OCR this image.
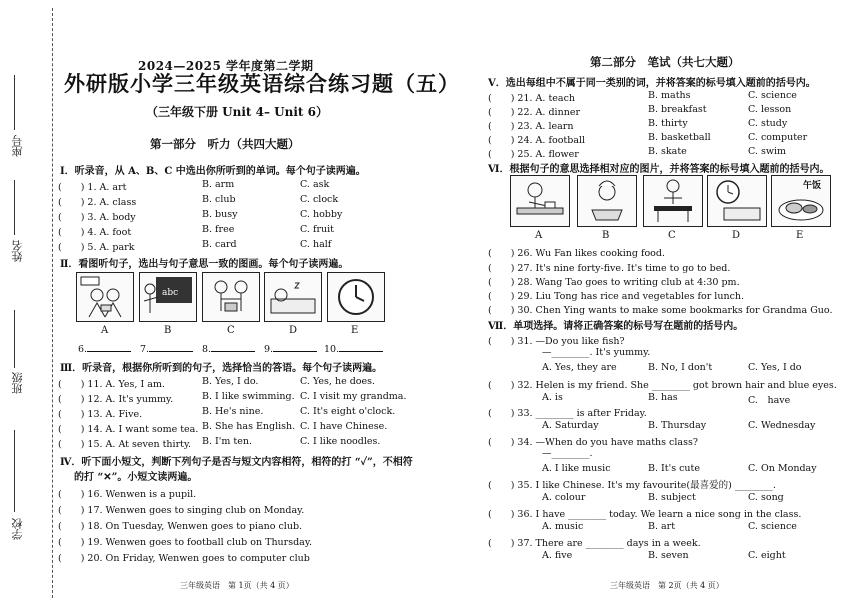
座号
姓名
班级
学校
2024—2025 学年度第二学期
外研版小学三年级英语综合练习题（五）
（三年级下册 Unit 4– Unit 6）
第一部分　听力（共四大题）
Ⅰ．听录音，从 A、B、C 中选出你所听到的单词。每个句子读两遍。
(　　) 1. A. art	B. arm	C. ask
(　　) 2. A. class	B. club	C. clock
(　　) 3. A. body	B. busy	C. hobby
(　　) 4. A. foot	B. free	C. fruit
(　　) 5. A. park	B. card	C. half
Ⅱ．看图听句子，选出与句子意思一致的图画。每个句子读两遍。
abc
A	B	C	D	E
6.	7.	8.	9.	10.
Ⅲ．听录音，根据你所听到的句子，选择恰当的答语。每个句子读两遍。
(　　) 11. A. Yes, I am.	B. Yes, I do.	C. Yes, he does.
(　　) 12. A. It's yummy.	B. I like swimming. C. I visit my grandma.
(　　) 13. A. Five.	B. He's nine.	C. It's eight o'clock.
(　　) 14. A. I want some tea. B. She has English. C. I have Chinese.
(　　) 15. A. At seven thirty. B. I'm ten.	C. I like noodles.
Ⅳ．听下面小短文，判断下列句子是否与短文内容相符，相符的打 “✓”，不相符
的打 “✕”。小短文读两遍。
(　　) 16. Wenwen is a pupil.
(　　) 17. Wenwen goes to singing club on Monday.
(　　) 18. On Tuesday, Wenwen goes to piano club.
(　　) 19. Wenwen goes to football club on Thursday.
(　　) 20. On Friday, Wenwen goes to computer club
三年级英语　第 1页（共 4 页）
第二部分　笔试（共七大题）
Ⅴ．选出每组中不属于同一类别的词，并将答案的标号填入题前的括号内。
(　　) 21. A. teach	B. maths	C. science
(　　) 22. A. dinner	B. breakfast	C. lesson
(　　) 23. A. learn	B. thirty	C. study
(　　) 24. A. football	B. basketball	C. computer
(　　) 25. A. flower	B. skate	C. swim
Ⅵ．根据句子的意思选择相对应的图片，并将答案的标号填入题前的括号内。
午饭
A	B	C	D	E
(　　) 26. Wu Fan likes cooking food.
(　　) 27. It's nine forty-five. It's time to go to bed.
(　　) 28. Wang Tao goes to writing club at 4:30 pm.
(　　) 29. Liu Tong has rice and vegetables for lunch.
(　　) 30. Chen Ying wants to make some bookmarks for Grandma Guo.
Ⅶ．单项选择。请将正确答案的标号写在题前的括号内。
(　　) 31. —Do you like fish?
—________. It's yummy.
A. Yes, they are	B. No, I don't	C. Yes, I do
(　　) 32. Helen is my friend. She ________ got brown hair and blue eyes.
A. is	B. has	C.　have
(　　) 33. ________ is after Friday.
A. Saturday	B. Thursday	C. Wednesday
(　　) 34. —When do you have maths class?
—________.
A. I like music	B. It's cute	C. On Monday
(　　) 35. I like Chinese. It's my favourite(最喜爱的) ________.
A. colour	B. subject	C. song
(　　) 36. I have ________ today. We learn a nice song in the class.
A. music	B. art	C. science
(　　) 37. There are ________ days in a week.
A. five	B. seven	C. eight
三年级英语　第 2页（共 4 页）
